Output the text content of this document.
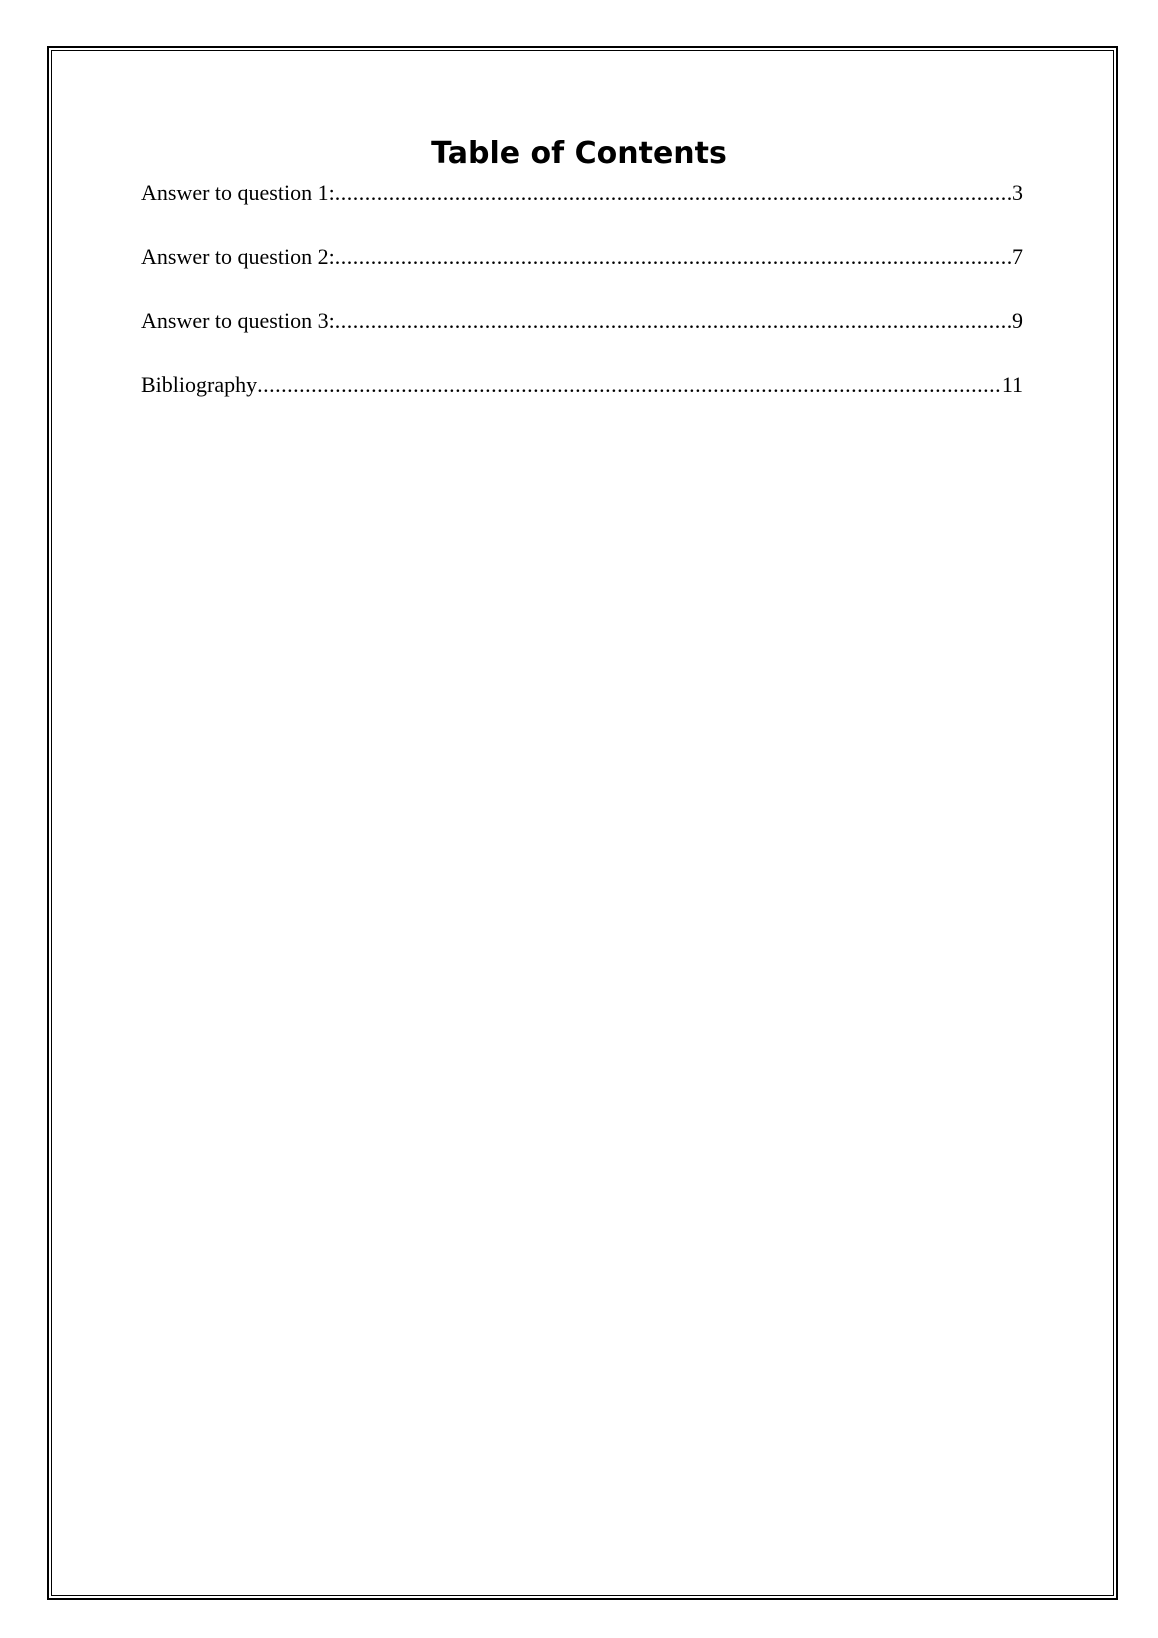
Table of Contents
Answer to question 1: .....	3
Answer to question 2: .....	7
Answer to question 3: .....	9
Bibliography .....	11
